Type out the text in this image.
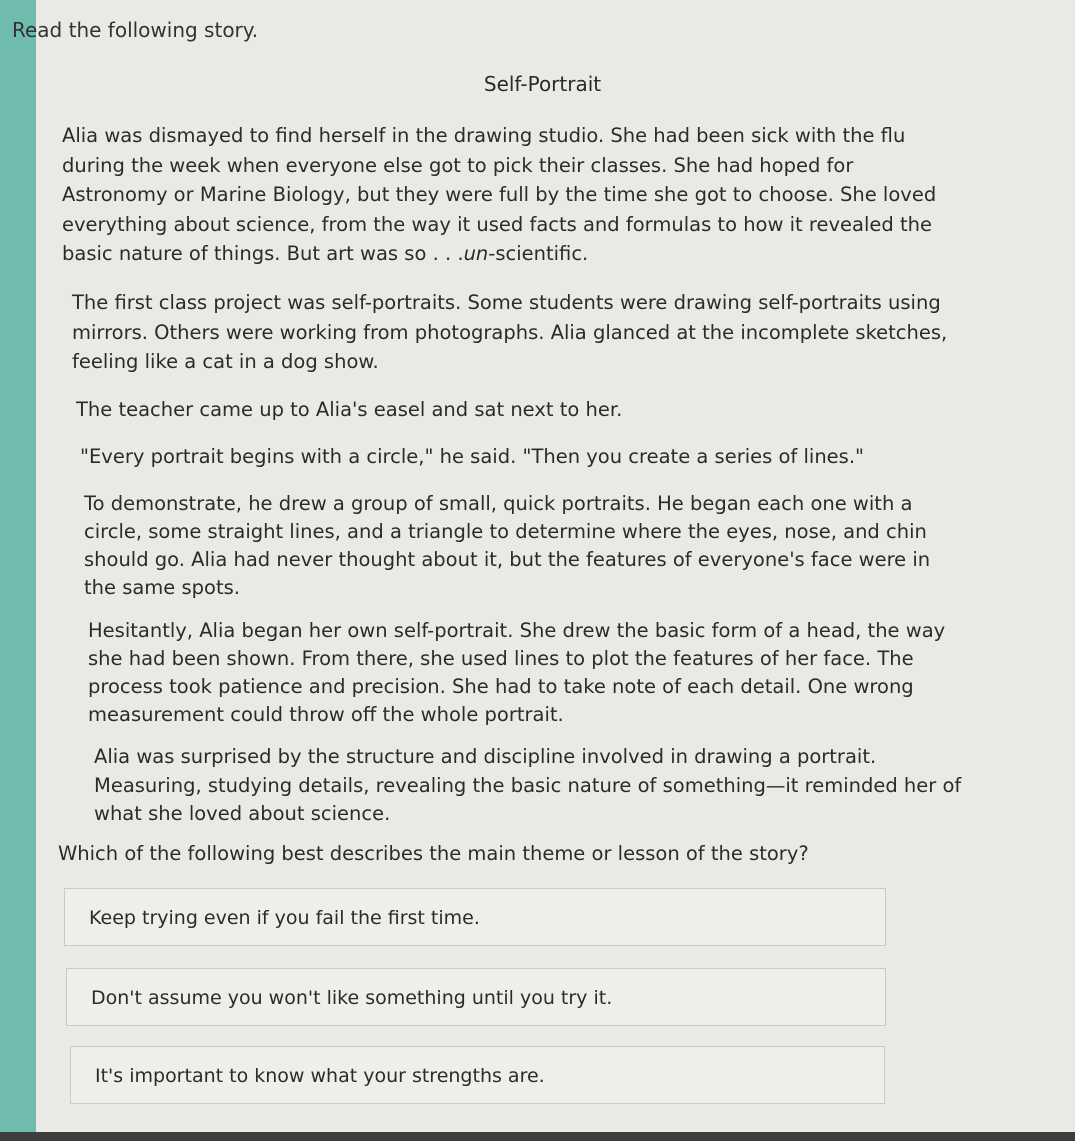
Read the following story.
Self-Portrait
Alia was dismayed to find herself in the drawing studio. She had been sick with the flu
during the week when everyone else got to pick their classes. She had hoped for
Astronomy or Marine Biology, but they were full by the time she got to choose. She loved
everything about science, from the way it used facts and formulas to how it revealed the
basic nature of things. But art was so . . .un-scientific.
The first class project was self-portraits. Some students were drawing self-portraits using
mirrors. Others were working from photographs. Alia glanced at the incomplete sketches,
feeling like a cat in a dog show.
The teacher came up to Alia's easel and sat next to her.
"Every portrait begins with a circle," he said. "Then you create a series of lines."
To demonstrate, he drew a group of small, quick portraits. He began each one with a
circle, some straight lines, and a triangle to determine where the eyes, nose, and chin
should go. Alia had never thought about it, but the features of everyone's face were in
the same spots.
Hesitantly, Alia began her own self-portrait. She drew the basic form of a head, the way
she had been shown. From there, she used lines to plot the features of her face. The
process took patience and precision. She had to take note of each detail. One wrong
measurement could throw off the whole portrait.
Alia was surprised by the structure and discipline involved in drawing a portrait.
Measuring, studying details, revealing the basic nature of something—it reminded her of
what she loved about science.
Which of the following best describes the main theme or lesson of the story?
Keep trying even if you fail the first time.
Don't assume you won't like something until you try it.
It's important to know what your strengths are.
